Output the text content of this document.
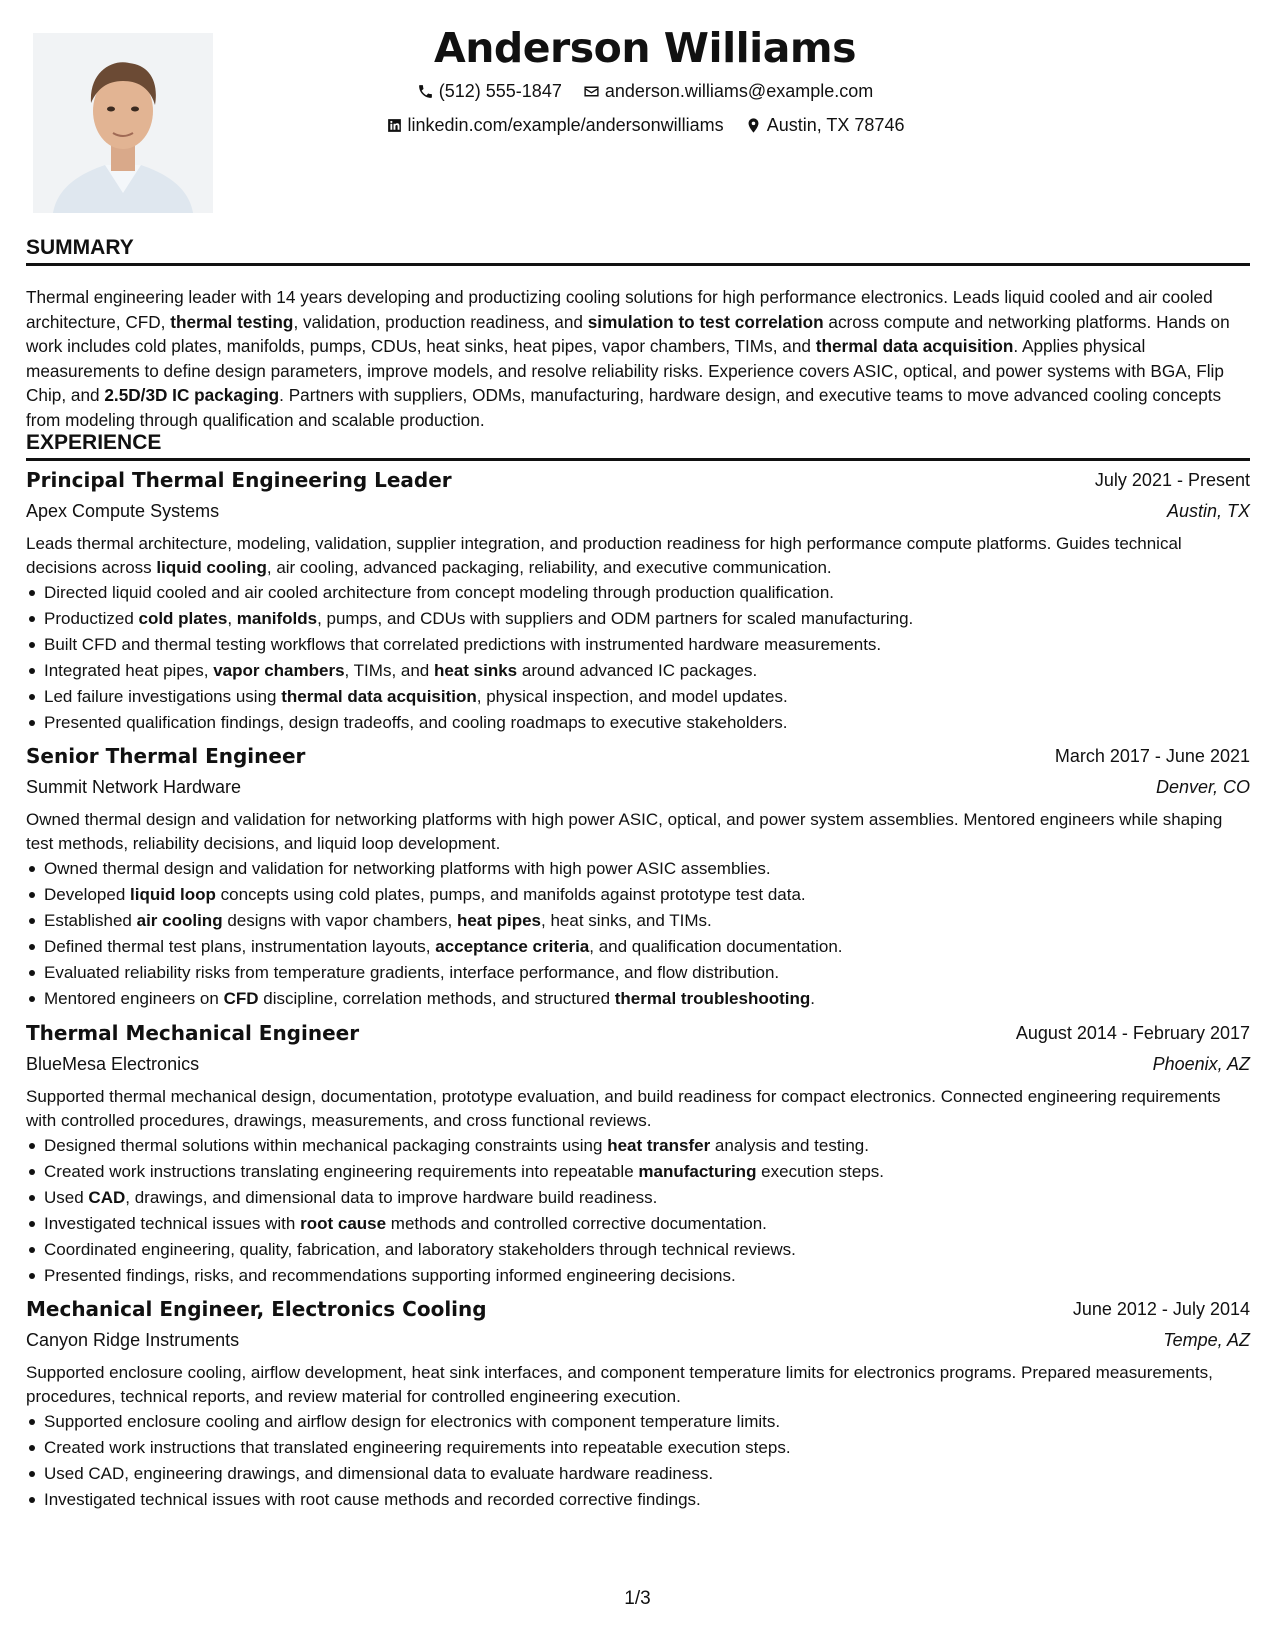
Anderson Williams
(512) 555-1847
anderson.williams@example.com
linkedin.com/example/andersonwilliams
Austin, TX 78746
SUMMARY

Thermal engineering leader with 14 years developing and productizing cooling solutions for high performance electronics. Leads liquid cooled and air cooled architecture, CFD, thermal testing, validation, production readiness, and simulation to test correlation across compute and networking platforms. Hands on work includes cold plates, manifolds, pumps, CDUs, heat sinks, heat pipes, vapor chambers, TIMs, and thermal data acquisition. Applies physical measurements to define design parameters, improve models, and resolve reliability risks. Experience covers ASIC, optical, and power systems with BGA, Flip Chip, and 2.5D/3D IC packaging. Partners with suppliers, ODMs, manufacturing, hardware design, and executive teams to move advanced cooling concepts from modeling through qualification and scalable production.

EXPERIENCE
Principal Thermal Engineering Leader	July 2021 - Present
Apex Compute Systems	Austin, TX

Leads thermal architecture, modeling, validation, supplier integration, and production readiness for high performance compute platforms. Guides technical decisions across liquid cooling, air cooling, advanced packaging, reliability, and executive communication.

Directed liquid cooled and air cooled architecture from concept modeling through production qualification.
Productized cold plates, manifolds, pumps, and CDUs with suppliers and ODM partners for scaled manufacturing.
Built CFD and thermal testing workflows that correlated predictions with instrumented hardware measurements.
Integrated heat pipes, vapor chambers, TIMs, and heat sinks around advanced IC packages.
Led failure investigations using thermal data acquisition, physical inspection, and model updates.
Presented qualification findings, design tradeoffs, and cooling roadmaps to executive stakeholders.
Senior Thermal Engineer	March 2017 - June 2021
Summit Network Hardware	Denver, CO

Owned thermal design and validation for networking platforms with high power ASIC, optical, and power system assemblies. Mentored engineers while shaping test methods, reliability decisions, and liquid loop development.

Owned thermal design and validation for networking platforms with high power ASIC assemblies.
Developed liquid loop concepts using cold plates, pumps, and manifolds against prototype test data.
Established air cooling designs with vapor chambers, heat pipes, heat sinks, and TIMs.
Defined thermal test plans, instrumentation layouts, acceptance criteria, and qualification documentation.
Evaluated reliability risks from temperature gradients, interface performance, and flow distribution.
Mentored engineers on CFD discipline, correlation methods, and structured thermal troubleshooting.
Thermal Mechanical Engineer	August 2014 - February 2017
BlueMesa Electronics	Phoenix, AZ

Supported thermal mechanical design, documentation, prototype evaluation, and build readiness for compact electronics. Connected engineering requirements with controlled procedures, drawings, measurements, and cross functional reviews.

Designed thermal solutions within mechanical packaging constraints using heat transfer analysis and testing.
Created work instructions translating engineering requirements into repeatable manufacturing execution steps.
Used CAD, drawings, and dimensional data to improve hardware build readiness.
Investigated technical issues with root cause methods and controlled corrective documentation.
Coordinated engineering, quality, fabrication, and laboratory stakeholders through technical reviews.
Presented findings, risks, and recommendations supporting informed engineering decisions.
Mechanical Engineer, Electronics Cooling	June 2012 - July 2014
Canyon Ridge Instruments	Tempe, AZ

Supported enclosure cooling, airflow development, heat sink interfaces, and component temperature limits for electronics programs. Prepared measurements, procedures, technical reports, and review material for controlled engineering execution.

Supported enclosure cooling and airflow design for electronics with component temperature limits.
Created work instructions that translated engineering requirements into repeatable execution steps.
Used CAD, engineering drawings, and dimensional data to evaluate hardware readiness.
Investigated technical issues with root cause methods and recorded corrective findings.
1/3
